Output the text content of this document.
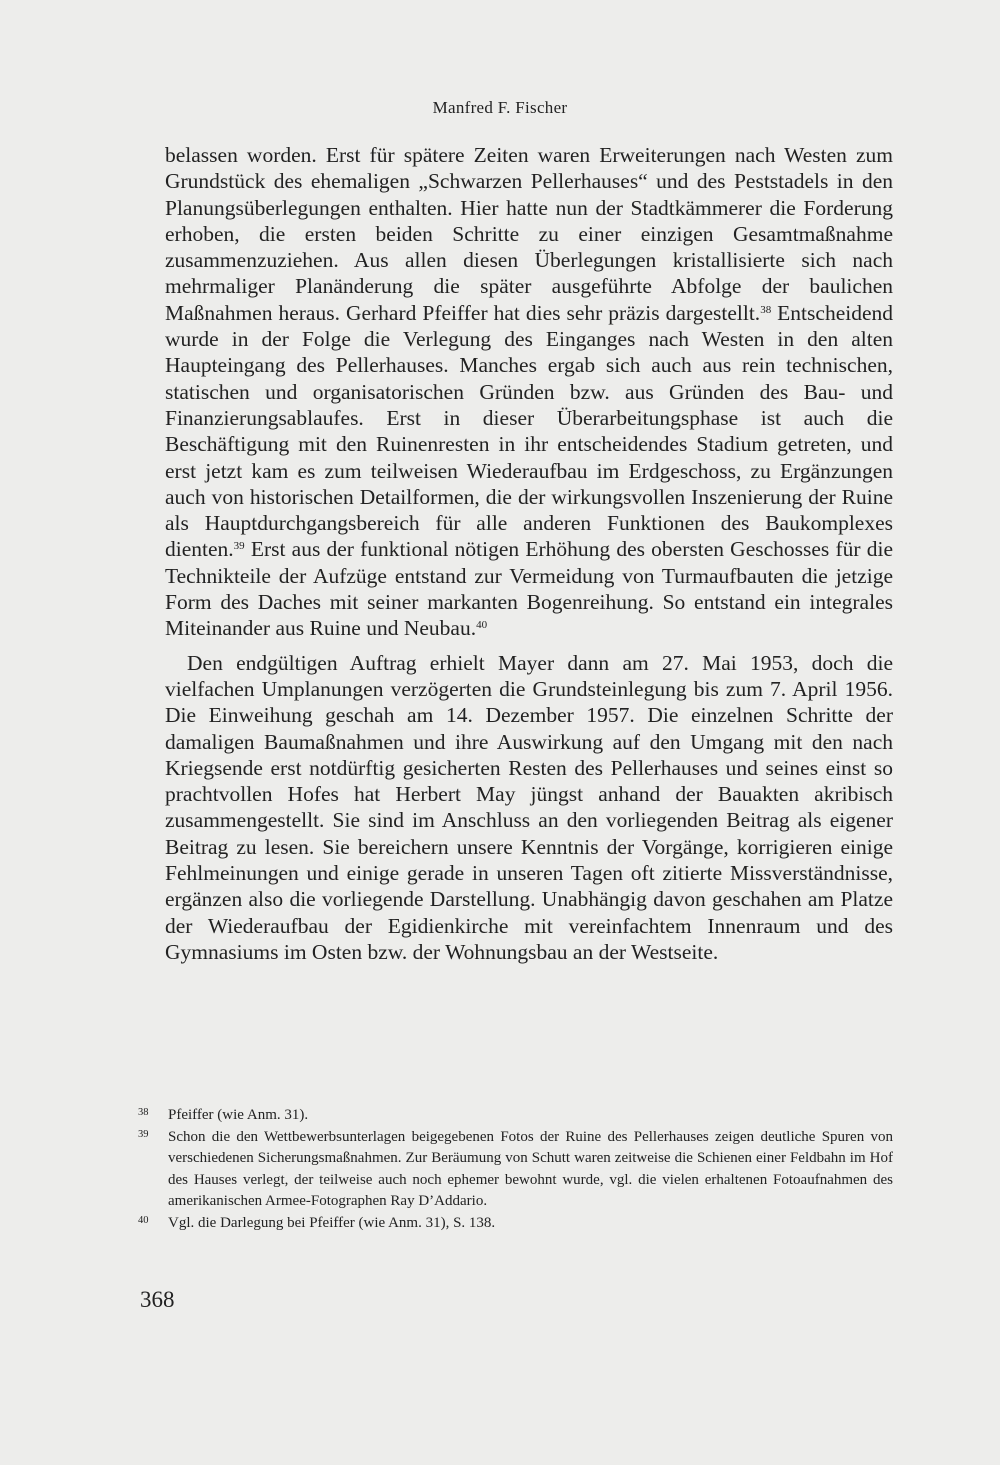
Manfred F. Fischer

belassen worden. Erst für spätere Zeiten waren Erweiterungen nach Westen zum Grundstück des ehemaligen „Schwarzen Pellerhauses“ und des Peststadels in den Planungsüberlegungen enthalten. Hier hatte nun der Stadtkämmerer die Forderung erhoben, die ersten beiden Schritte zu einer einzigen Gesamtmaßnahme zusammenzuziehen. Aus allen diesen Überlegungen kristallisierte sich nach mehrmaliger Planänderung die später ausgeführte Abfolge der baulichen Maßnahmen heraus. Gerhard Pfeiffer hat dies sehr präzis dargestellt.$^{38}$ Entscheidend wurde in der Folge die Verlegung des Einganges nach Westen in den alten Haupteingang des Pellerhauses. Manches ergab sich auch aus rein technischen, statischen und organisatorischen Gründen bzw. aus Gründen des Bau- und Finanzierungsablaufes. Erst in dieser Überarbeitungsphase ist auch die Beschäftigung mit den Ruinenresten in ihr entscheidendes Stadium getreten, und erst jetzt kam es zum teilweisen Wiederaufbau im Erdgeschoss, zu Ergänzungen auch von historischen Detailformen, die der wirkungsvollen Inszenierung der Ruine als Hauptdurchgangsbereich für alle anderen Funktionen des Baukomplexes dienten.$^{39}$ Erst aus der funktional nötigen Erhöhung des obersten Geschosses für die Technikteile der Aufzüge entstand zur Vermeidung von Turmaufbauten die jetzige Form des Daches mit seiner markanten Bogenreihung. So entstand ein integrales Miteinander aus Ruine und Neubau.$^{40}$

Den endgültigen Auftrag erhielt Mayer dann am 27. Mai 1953, doch die vielfachen Umplanungen verzögerten die Grundsteinlegung bis zum 7. April 1956. Die Einweihung geschah am 14. Dezember 1957. Die einzelnen Schritte der damaligen Baumaßnahmen und ihre Auswirkung auf den Umgang mit den nach Kriegsende erst notdürftig gesicherten Resten des Pellerhauses und seines einst so prachtvollen Hofes hat Herbert May jüngst anhand der Bauakten akribisch zusammengestellt. Sie sind im Anschluss an den vorliegenden Beitrag als eigener Beitrag zu lesen. Sie bereichern unsere Kenntnis der Vorgänge, korrigieren einige Fehlmeinungen und einige gerade in unseren Tagen oft zitierte Missverständnisse, ergänzen also die vorliegende Darstellung. Unabhängig davon geschahen am Platze der Wiederaufbau der Egidienkirche mit vereinfachtem Innenraum und des Gymnasiums im Osten bzw. der Wohnungsbau an der Westseite.

38 Pfeiffer (wie Anm. 31).
39 Schon die den Wettbewerbsunterlagen beigegebenen Fotos der Ruine des Pellerhauses zeigen deutliche Spuren von verschiedenen Sicherungsmaßnahmen. Zur Beräumung von Schutt waren zeitweise die Schienen einer Feldbahn im Hof des Hauses verlegt, der teilweise auch noch ephemer bewohnt wurde, vgl. die vielen erhaltenen Fotoaufnahmen des amerikanischen Armee-Fotographen Ray D’Addario.
40 Vgl. die Darlegung bei Pfeiffer (wie Anm. 31), S. 138.
368
